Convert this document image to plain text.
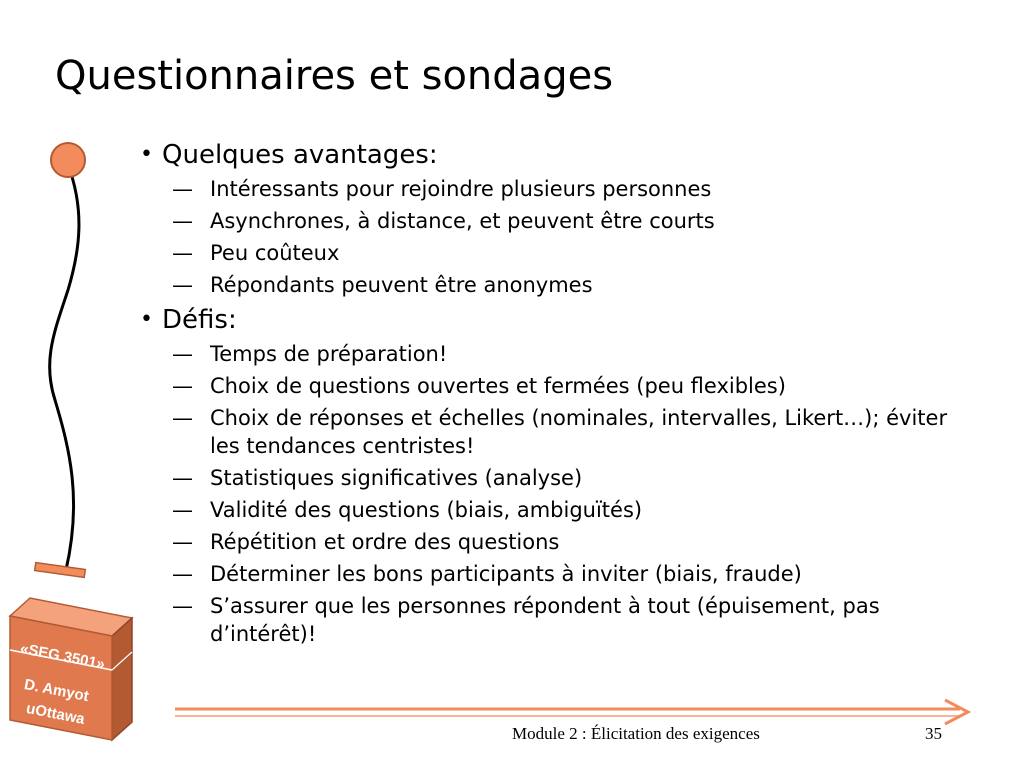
«SEG 3501»
D. Amyot
uOttawa
Questionnaires et sondages
• Quelques avantages:
— Intéressants pour rejoindre plusieurs personnes
— Asynchrones, à distance, et peuvent être courts
— Peu coûteux
— Répondants peuvent être anonymes
• Défis:
— Temps de préparation!
— Choix de questions ouvertes et fermées (peu flexibles)
— Choix de réponses et échelles (nominales, intervalles, Likert…); éviter les tendances centristes!
— Statistiques significatives (analyse)
— Validité des questions (biais, ambiguïtés)
— Répétition et ordre des questions
— Déterminer les bons participants à inviter (biais, fraude)
— S’assurer que les personnes répondent à tout (épuisement, pas d’intérêt)!
Module 2 : Élicitation des exigences	35
